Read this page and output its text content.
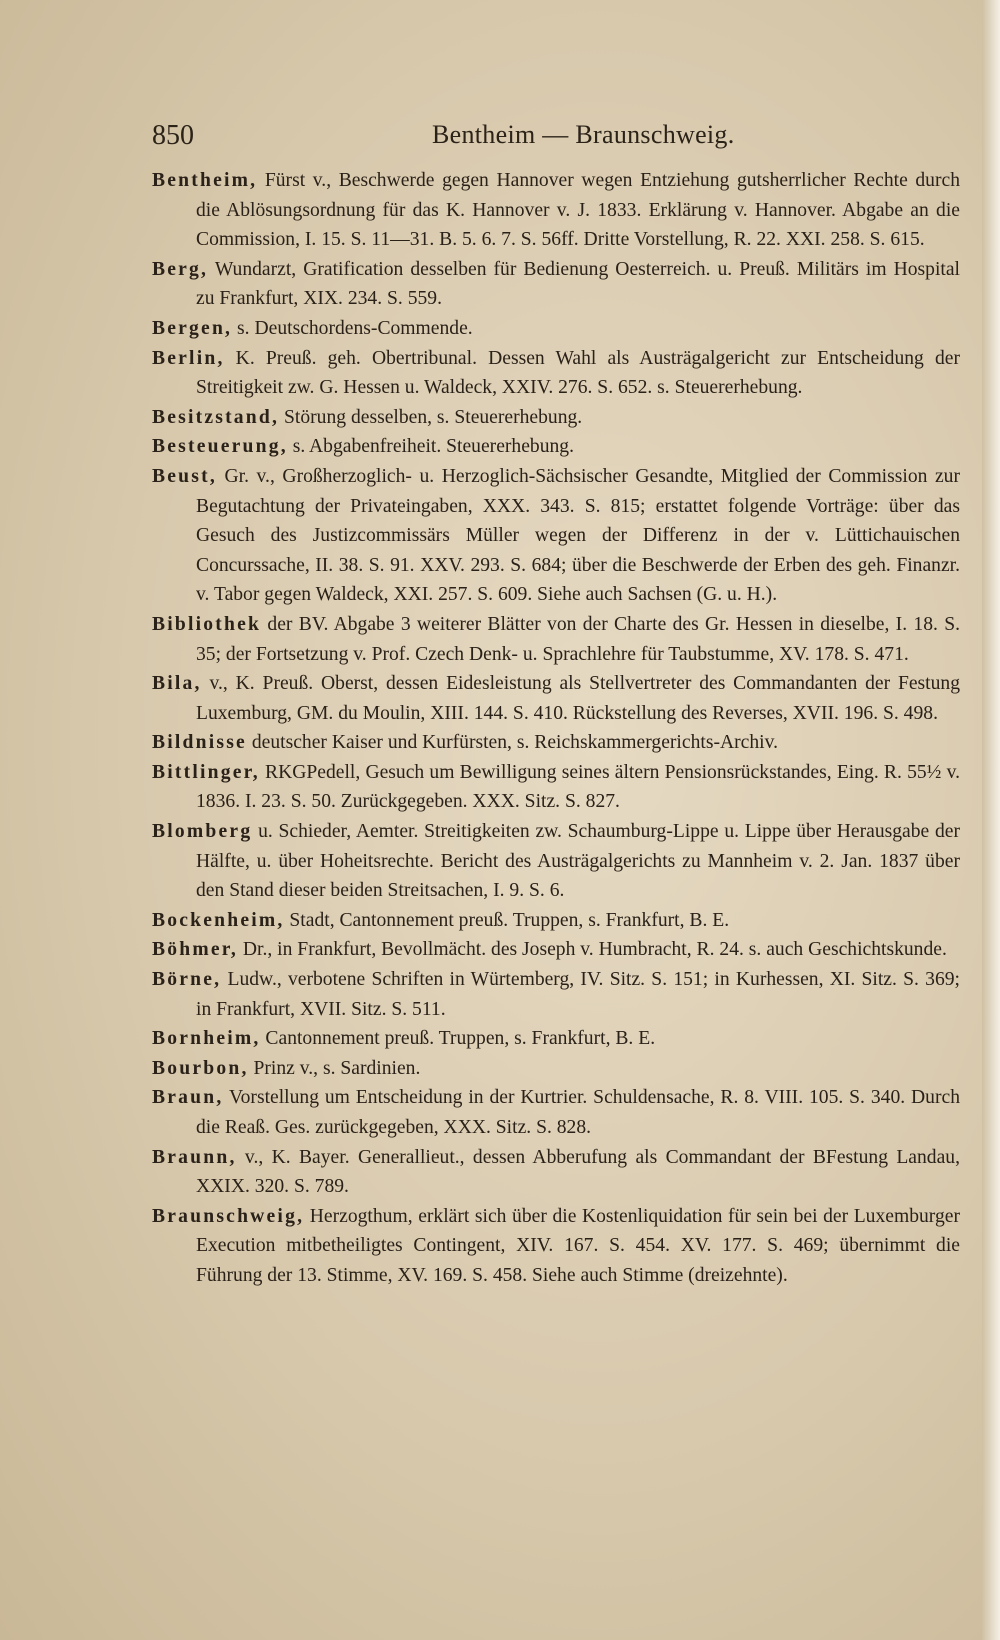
850	Bentheim — Braunschweig.

Bentheim, Fürst v., Beschwerde gegen Hannover wegen Entziehung gutsherrlicher Rechte durch die Ablösungsordnung für das K. Hannover v. J. 1833. Erklärung v. Hannover. Abgabe an die Commission, I. 15. S. 11—31. B. 5. 6. 7. S. 56ff. Dritte Vorstellung, R. 22. XXI. 258. S. 615.

Berg, Wundarzt, Gratification desselben für Bedienung Oesterreich. u. Preuß. Militärs im Hospital zu Frankfurt, XIX. 234. S. 559.

Bergen, s. Deutschordens-Commende.

Berlin, K. Preuß. geh. Obertribunal. Dessen Wahl als Austrägalgericht zur Entscheidung der Streitigkeit zw. G. Hessen u. Waldeck, XXIV. 276. S. 652. s. Steuererhebung.

Besitzstand, Störung desselben, s. Steuererhebung.

Besteuerung, s. Abgabenfreiheit. Steuererhebung.

Beust, Gr. v., Großherzoglich- u. Herzoglich-Sächsischer Gesandte, Mitglied der Commission zur Begutachtung der Privateingaben, XXX. 343. S. 815; erstattet folgende Vorträge: über das Gesuch des Justizcommissärs Müller wegen der Differenz in der v. Lüttichauischen Concurssache, II. 38. S. 91. XXV. 293. S. 684; über die Beschwerde der Erben des geh. Finanzr. v. Tabor gegen Waldeck, XXI. 257. S. 609. Siehe auch Sachsen (G. u. H.).

Bibliothek der BV. Abgabe 3 weiterer Blätter von der Charte des Gr. Hessen in dieselbe, I. 18. S. 35; der Fortsetzung v. Prof. Czech Denk- u. Sprachlehre für Taubstumme, XV. 178. S. 471.

Bila, v., K. Preuß. Oberst, dessen Eidesleistung als Stellvertreter des Commandanten der Festung Luxemburg, GM. du Moulin, XIII. 144. S. 410. Rückstellung des Reverses, XVII. 196. S. 498.

Bildnisse deutscher Kaiser und Kurfürsten, s. Reichskammergerichts-Archiv.

Bittlinger, RKGPedell, Gesuch um Bewilligung seines ältern Pensionsrückstandes, Eing. R. 55½ v. 1836. I. 23. S. 50. Zurückgegeben. XXX. Sitz. S. 827.

Blomberg u. Schieder, Aemter. Streitigkeiten zw. Schaumburg-Lippe u. Lippe über Herausgabe der Hälfte, u. über Hoheitsrechte. Bericht des Austrägalgerichts zu Mannheim v. 2. Jan. 1837 über den Stand dieser beiden Streitsachen, I. 9. S. 6.

Bockenheim, Stadt, Cantonnement preuß. Truppen, s. Frankfurt, B. E.

Böhmer, Dr., in Frankfurt, Bevollmächt. des Joseph v. Humbracht, R. 24. s. auch Geschichtskunde.

Börne, Ludw., verbotene Schriften in Würtemberg, IV. Sitz. S. 151; in Kurhessen, XI. Sitz. S. 369; in Frankfurt, XVII. Sitz. S. 511.

Bornheim, Cantonnement preuß. Truppen, s. Frankfurt, B. E.

Bourbon, Prinz v., s. Sardinien.

Braun, Vorstellung um Entscheidung in der Kurtrier. Schuldensache, R. 8. VIII. 105. S. 340. Durch die Reaß. Ges. zurückgegeben, XXX. Sitz. S. 828.

Braunn, v., K. Bayer. Generallieut., dessen Abberufung als Commandant der BFestung Landau, XXIX. 320. S. 789.

Braunschweig, Herzogthum, erklärt sich über die Kostenliquidation für sein bei der Luxemburger Execution mitbetheiligtes Contingent, XIV. 167. S. 454. XV. 177. S. 469; übernimmt die Führung der 13. Stimme, XV. 169. S. 458. Siehe auch Stimme (dreizehnte).
